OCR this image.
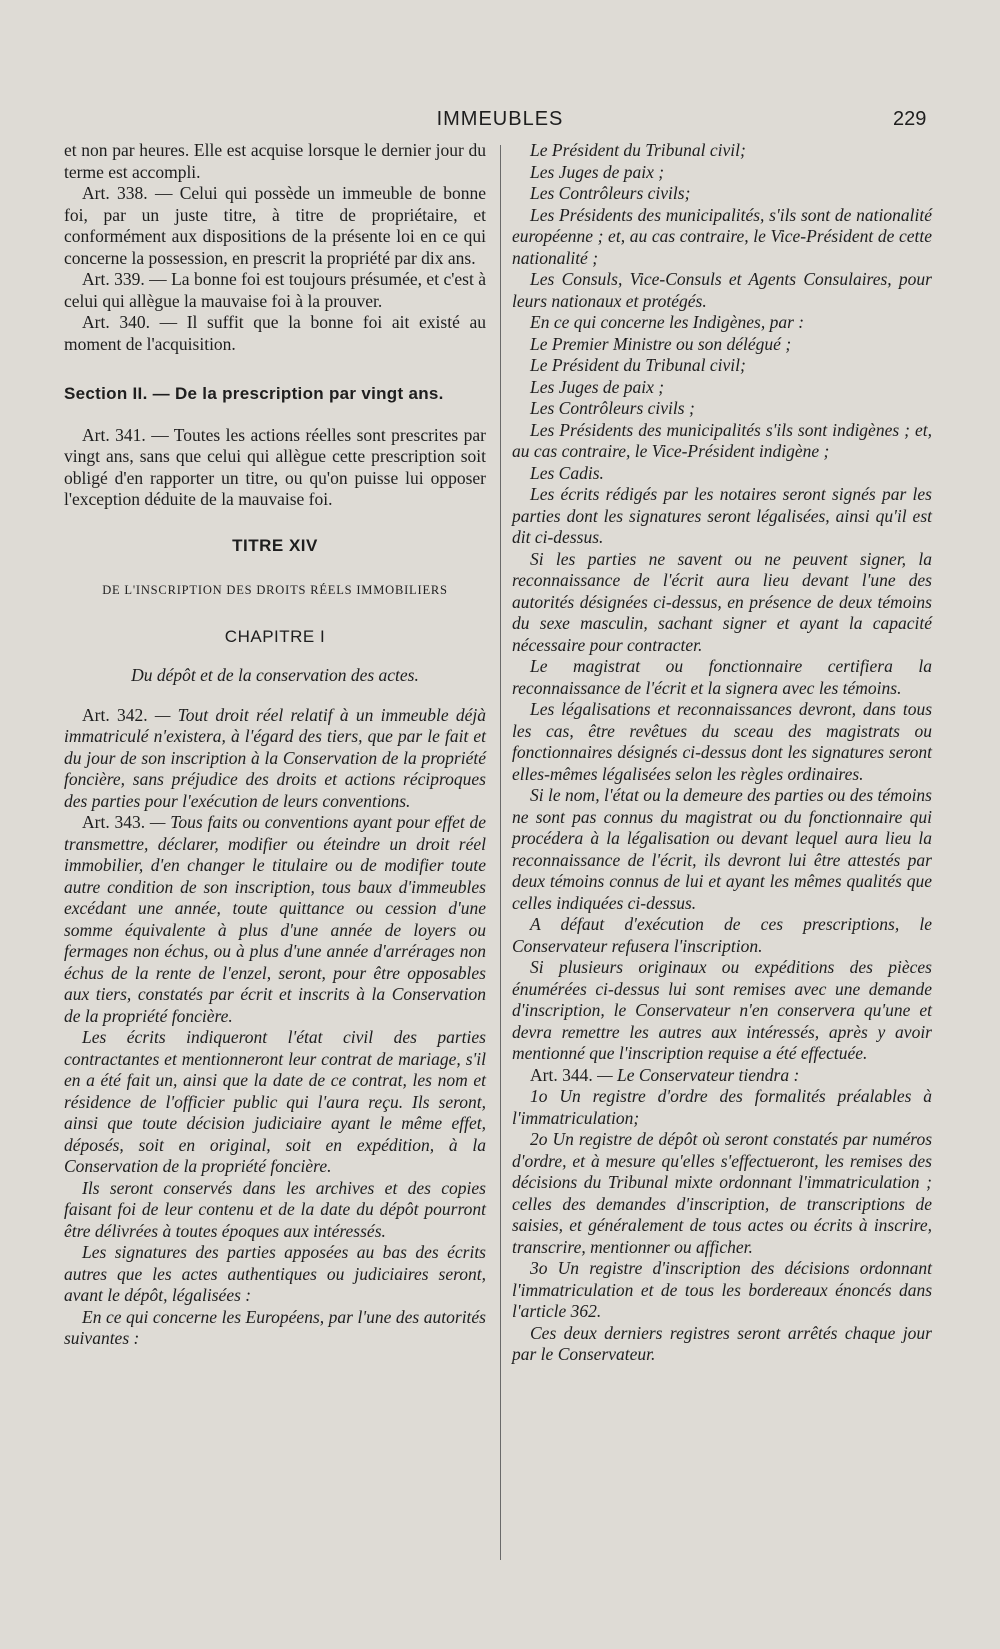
IMMEUBLES	229

et non par heures. Elle est acquise lorsque le dernier jour du terme est accompli.

Art. 338. — Celui qui possède un immeuble de bonne foi, par un juste titre, à titre de propriétaire, et conformément aux dispositions de la présente loi en ce qui concerne la possession, en prescrit la propriété par dix ans.

Art. 339. — La bonne foi est toujours présumée, et c'est à celui qui allègue la mauvaise foi à la prouver.

Art. 340. — Il suffit que la bonne foi ait existé au moment de l'acquisition.

Section II. — De la prescription par vingt ans.

Art. 341. — Toutes les actions réelles sont prescrites par vingt ans, sans que celui qui allègue cette prescription soit obligé d'en rapporter un titre, ou qu'on puisse lui opposer l'exception déduite de la mauvaise foi.

TITRE XIV
DE L'INSCRIPTION DES DROITS RÉELS IMMOBILIERS
CHAPITRE I
Du dépôt et de la conservation des actes.

Art. 342. — Tout droit réel relatif à un immeuble déjà immatriculé n'existera, à l'égard des tiers, que par le fait et du jour de son inscription à la Conservation de la propriété foncière, sans préjudice des droits et actions réciproques des parties pour l'exécution de leurs conventions.

Art. 343. — Tous faits ou conventions ayant pour effet de transmettre, déclarer, modifier ou éteindre un droit réel immobilier, d'en changer le titulaire ou de modifier toute autre condition de son inscription, tous baux d'immeubles excédant une année, toute quittance ou cession d'une somme équivalente à plus d'une année de loyers ou fermages non échus, ou à plus d'une année d'arrérages non échus de la rente de l'enzel, seront, pour être opposables aux tiers, constatés par écrit et inscrits à la Conservation de la propriété foncière.

Les écrits indiqueront l'état civil des parties contractantes et mentionneront leur contrat de mariage, s'il en a été fait un, ainsi que la date de ce contrat, les nom et résidence de l'officier public qui l'aura reçu. Ils seront, ainsi que toute décision judiciaire ayant le même effet, déposés, soit en original, soit en expédition, à la Conservation de la propriété foncière.

Ils seront conservés dans les archives et des copies faisant foi de leur contenu et de la date du dépôt pourront être délivrées à toutes époques aux intéressés.

Les signatures des parties apposées au bas des écrits autres que les actes authentiques ou judiciaires seront, avant le dépôt, légalisées :

En ce qui concerne les Européens, par l'une des autorités suivantes :

Le Président du Tribunal civil;

Les Juges de paix ;

Les Contrôleurs civils;

Les Présidents des municipalités, s'ils sont de nationalité européenne ; et, au cas contraire, le Vice-Président de cette nationalité ;

Les Consuls, Vice-Consuls et Agents Consulaires, pour leurs nationaux et protégés.

En ce qui concerne les Indigènes, par :

Le Premier Ministre ou son délégué ;

Le Président du Tribunal civil;

Les Juges de paix ;

Les Contrôleurs civils ;

Les Présidents des municipalités s'ils sont indigènes ; et, au cas contraire, le Vice-Président indigène ;

Les Cadis.

Les écrits rédigés par les notaires seront signés par les parties dont les signatures seront légalisées, ainsi qu'il est dit ci-dessus.

Si les parties ne savent ou ne peuvent signer, la reconnaissance de l'écrit aura lieu devant l'une des autorités désignées ci-dessus, en présence de deux témoins du sexe masculin, sachant signer et ayant la capacité nécessaire pour contracter.

Le magistrat ou fonctionnaire certifiera la reconnaissance de l'écrit et la signera avec les témoins.

Les légalisations et reconnaissances devront, dans tous les cas, être revêtues du sceau des magistrats ou fonctionnaires désignés ci-dessus dont les signatures seront elles-mêmes légalisées selon les règles ordinaires.

Si le nom, l'état ou la demeure des parties ou des témoins ne sont pas connus du magistrat ou du fonctionnaire qui procédera à la légalisation ou devant lequel aura lieu la reconnaissance de l'écrit, ils devront lui être attestés par deux témoins connus de lui et ayant les mêmes qualités que celles indiquées ci-dessus.

A défaut d'exécution de ces prescriptions, le Conservateur refusera l'inscription.

Si plusieurs originaux ou expéditions des pièces énumérées ci-dessus lui sont remises avec une demande d'inscription, le Conservateur n'en conservera qu'une et devra remettre les autres aux intéressés, après y avoir mentionné que l'inscription requise a été effectuée.

Art. 344. — Le Conservateur tiendra :

1o Un registre d'ordre des formalités préalables à l'immatriculation;

2o Un registre de dépôt où seront constatés par numéros d'ordre, et à mesure qu'elles s'effectueront, les remises des décisions du Tribunal mixte ordonnant l'immatriculation ; celles des demandes d'inscription, de transcriptions de saisies, et généralement de tous actes ou écrits à inscrire, transcrire, mentionner ou afficher.

3o Un registre d'inscription des décisions ordonnant l'immatriculation et de tous les bordereaux énoncés dans l'article 362.

Ces deux derniers registres seront arrêtés chaque jour par le Conservateur.
